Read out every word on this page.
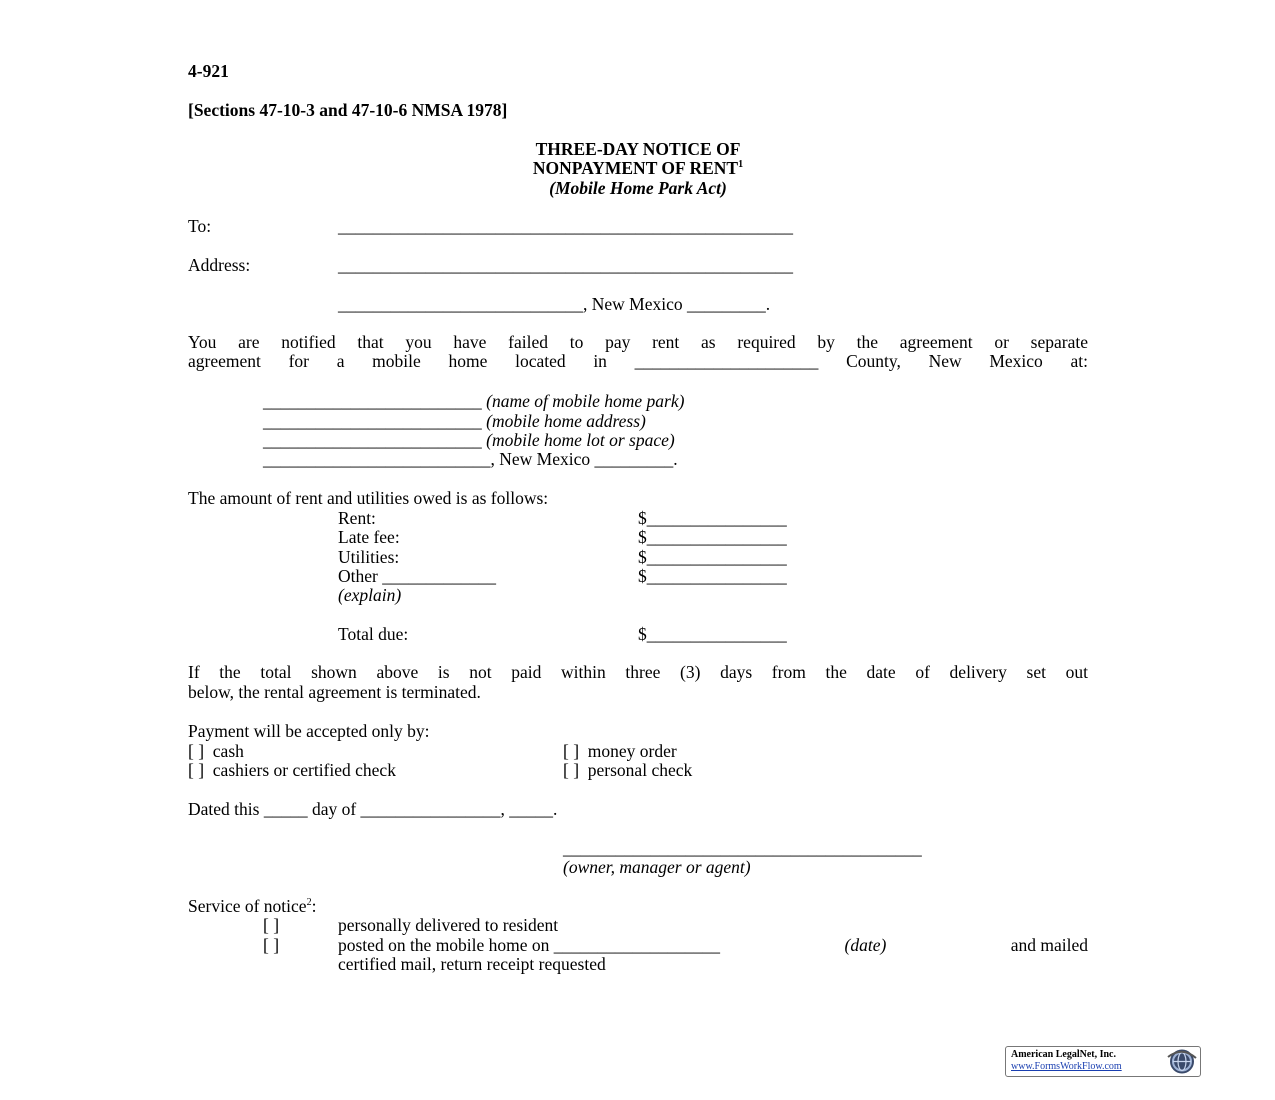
4-921
[Sections 47-10-3 and 47-10-6 NMSA 1978]
THREE-DAY NOTICE OF
NONPAYMENT OF RENT$^1$
(Mobile Home Park Act)
To:	____________________________________________________
Address:	____________________________________________________
____________________________, New Mexico _________.
You are notified that you have failed to pay rent as required by the agreement or separate
agreement for a mobile home located in _____________________ County, New Mexico at:
_________________________ (name of mobile home park)
_________________________ (mobile home address)
_________________________ (mobile home lot or space)
__________________________, New Mexico _________.
The amount of rent and utilities owed is as follows:
Rent:	$________________
Late fee:	$________________
Utilities:	$________________
Other _____________	$________________
(explain)
Total due:	$________________
If the total shown above is not paid within three (3) days from the date of delivery set out
below, the rental agreement is terminated.
Payment will be accepted only by:
[ ]  cash	[ ]  money order
[ ]  cashiers or certified check	[ ]  personal check
Dated this _____ day of ________________, _____.
_________________________________________
(owner, manager or agent)
Service of notice$^2$:
[ ]	personally delivered to resident
[ ]	posted on the mobile home on ___________________	(date)	and mailed
certified mail, return receipt requested
American LegalNet, Inc.
www.FormsWorkFlow.com
